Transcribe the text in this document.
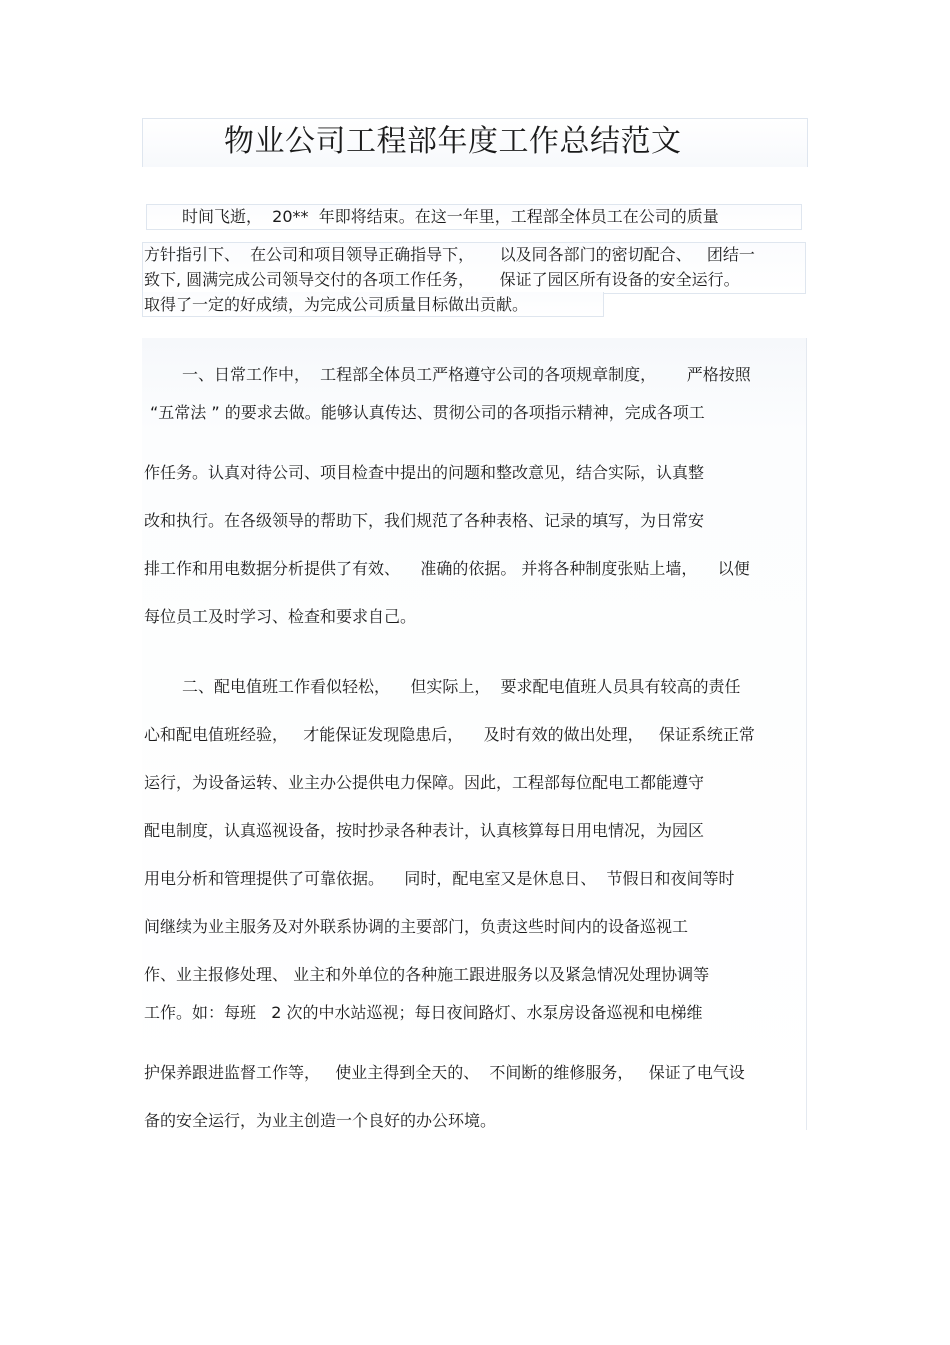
物业公司工程部年度工作总结范文
时间飞逝，  20**  年即将结束。在这一年里，工程部全体员工在公司的质量
方针指引下、  在公司和项目领导正确指导下，     以及同各部门的密切配合、   团结一
致下, 圆满完成公司领导交付的各项工作任务，     保证了园区所有设备的安全运行。
取得了一定的好成绩，为完成公司质量目标做出贡献。
一、日常工作中，  工程部全体员工严格遵守公司的各项规章制度，      严格按照
“五常法 ” 的要求去做。能够认真传达、贯彻公司的各项指示精神，完成各项工
作任务。认真对待公司、项目检查中提出的问题和整改意见，结合实际，认真整
改和执行。在各级领导的帮助下，我们规范了各种表格、记录的填写，为日常安
排工作和用电数据分析提供了有效、    准确的依据。 并将各种制度张贴上墙，    以便
每位员工及时学习、检查和要求自己。
二、配电值班工作看似轻松，    但实际上，  要求配电值班人员具有较高的责任
心和配电值班经验，   才能保证发现隐患后，    及时有效的做出处理，   保证系统正常
运行，为设备运转、业主办公提供电力保障。因此，工程部每位配电工都能遵守
配电制度，认真巡视设备，按时抄录各种表计，认真核算每日用电情况，为园区
用电分析和管理提供了可靠依据。    同时，配电室又是休息日、  节假日和夜间等时
间继续为业主服务及对外联系协调的主要部门，负责这些时间内的设备巡视工
作、业主报修处理、 业主和外单位的各种施工跟进服务以及紧急情况处理协调等
工作。如：每班   2 次的中水站巡视；每日夜间路灯、水泵房设备巡视和电梯维
护保养跟进监督工作等，   使业主得到全天的、  不间断的维修服务，   保证了电气设
备的安全运行，为业主创造一个良好的办公环境。
